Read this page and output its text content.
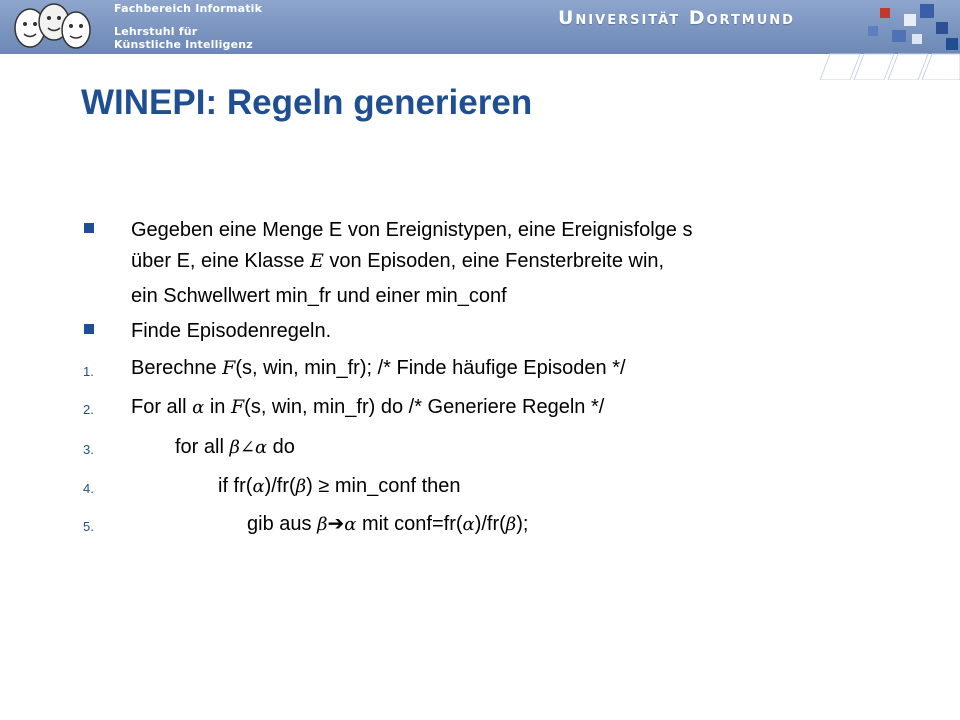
Fachbereich Informatik
Lehrstuhl für
Künstliche Intelligenz
Universität Dortmund
WINEPI: Regeln generieren
Gegeben eine Menge E von Ereignistypen, eine Ereignisfolge s
über E, eine Klasse E von Episoden, eine Fensterbreite win,
ein Schwellwert min_fr und einer min_conf
Finde Episodenregeln.
1. Berechne F(s, win, min_fr); /* Finde häufige Episoden */
2. For all α in F(s, win, min_fr) do /* Generiere Regeln */
3.	for all β∠α do
4.	if fr(α)/fr(β) ≥ min_conf then
5.	gib aus β➔α mit conf=fr(α)/fr(β);
